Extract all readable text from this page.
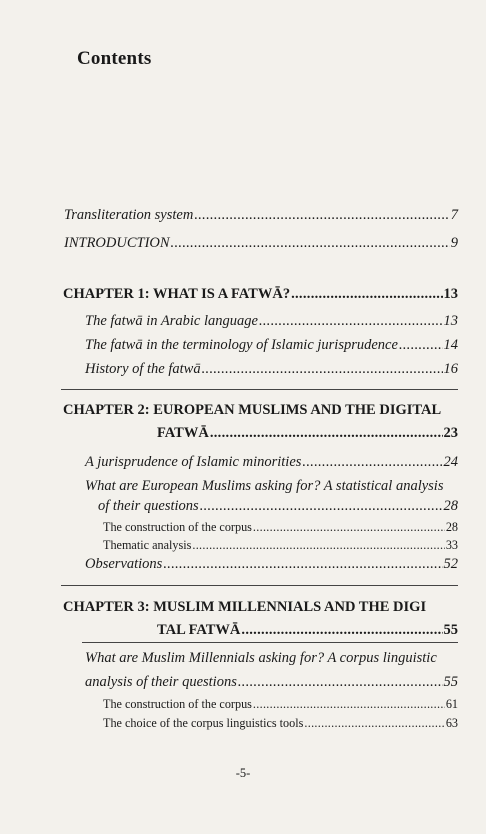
Contents
Transliteration system .....	7
INTRODUCTION .....	9
CHAPTER 1: WHAT IS A FATWĀ? .....	13
The fatwā in Arabic language .....	13
The fatwā in the terminology of Islamic jurisprudence .....	14
History of the fatwā .....	16
CHAPTER 2: EUROPEAN MUSLIMS AND THE DIGITAL
FATWĀ .....	23
A jurisprudence of Islamic minorities .....	24
What are European Muslims asking for? A statistical analysis
of their questions .....	28
The construction of the corpus .....	28
Thematic analysis .....	33
Observations .....	52
CHAPTER 3: MUSLIM MILLENNIALS AND THE DIGI
TAL FATWĀ .....	55
What are Muslim Millennials asking for? A corpus linguistic
analysis of their questions .....	55
The construction of the corpus .....	61
The choice of the corpus linguistics tools .....	63
-5-
